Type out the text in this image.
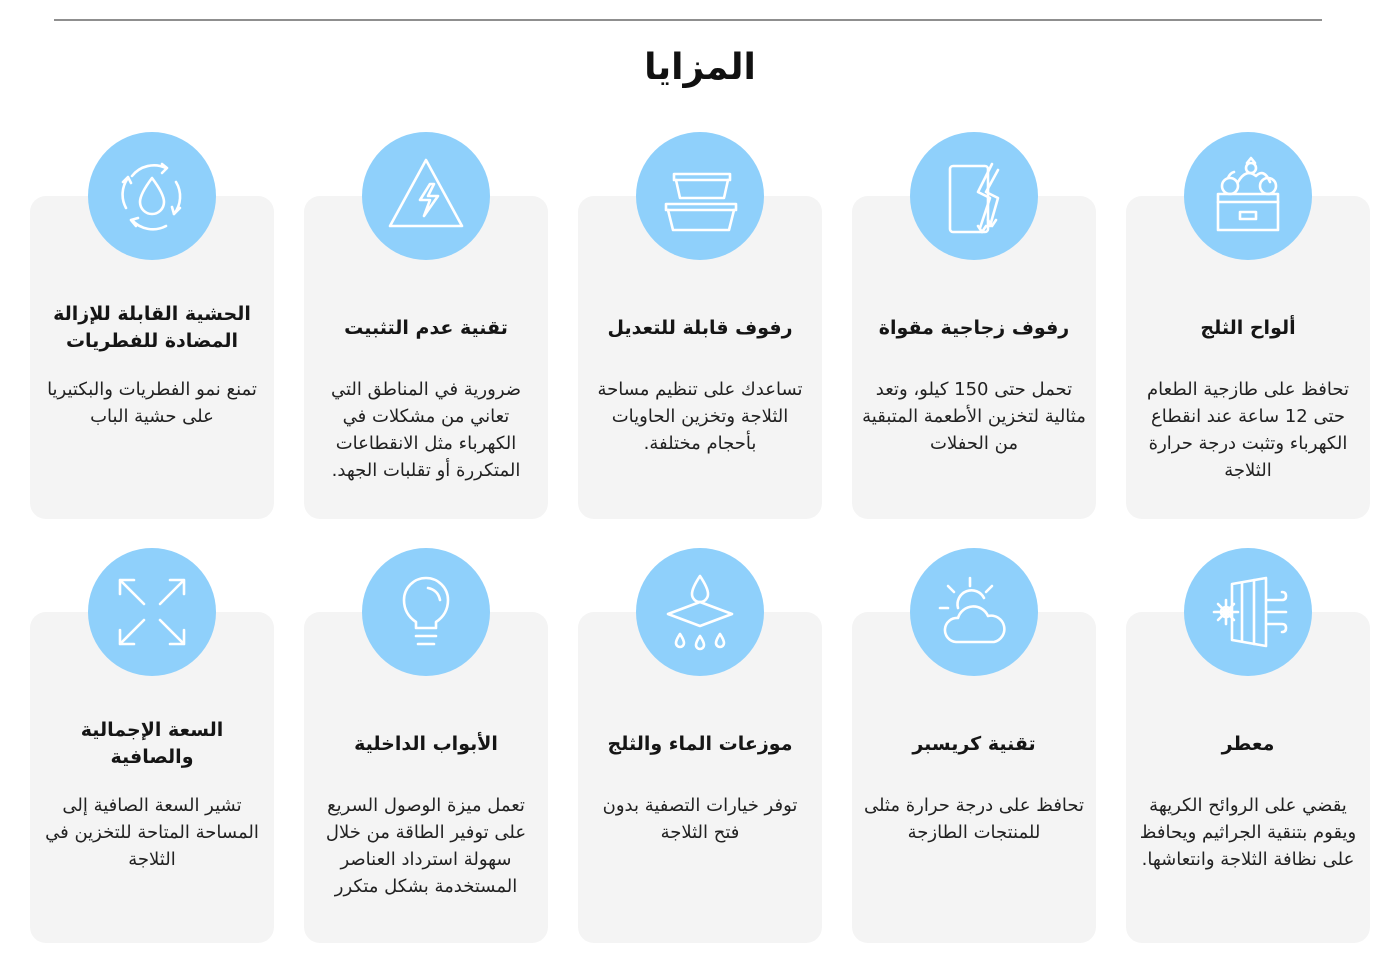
المزايا
ألواح الثلج
تحافظ على طازجية الطعام حتى 12 ساعة عند انقطاع الكهرباء وتثبت درجة حرارة الثلاجة
رفوف زجاجية مقواة
تحمل حتى 150 كيلو، وتعد مثالية لتخزين الأطعمة المتبقية من الحفلات
رفوف قابلة للتعديل
تساعدك على تنظيم مساحة الثلاجة وتخزين الحاويات بأحجام مختلفة.
تقنية عدم التثبيت
ضرورية في المناطق التي تعاني من مشكلات في الكهرباء مثل الانقطاعات المتكررة أو تقلبات الجهد.
الحشية القابلة للإزالة المضادة للفطريات
تمنع نمو الفطريات والبكتيريا على حشية الباب
معطر
يقضي على الروائح الكريهة ويقوم بتنقية الجراثيم ويحافظ على نظافة الثلاجة وانتعاشها.
تقنية كريسبر
تحافظ على درجة حرارة مثلى للمنتجات الطازجة
موزعات الماء والثلج
توفر خيارات التصفية بدون فتح الثلاجة
الأبواب الداخلية
تعمل ميزة الوصول السريع على توفير الطاقة من خلال سهولة استرداد العناصر المستخدمة بشكل متكرر
السعة الإجمالية والصافية
تشير السعة الصافية إلى المساحة المتاحة للتخزين في الثلاجة
